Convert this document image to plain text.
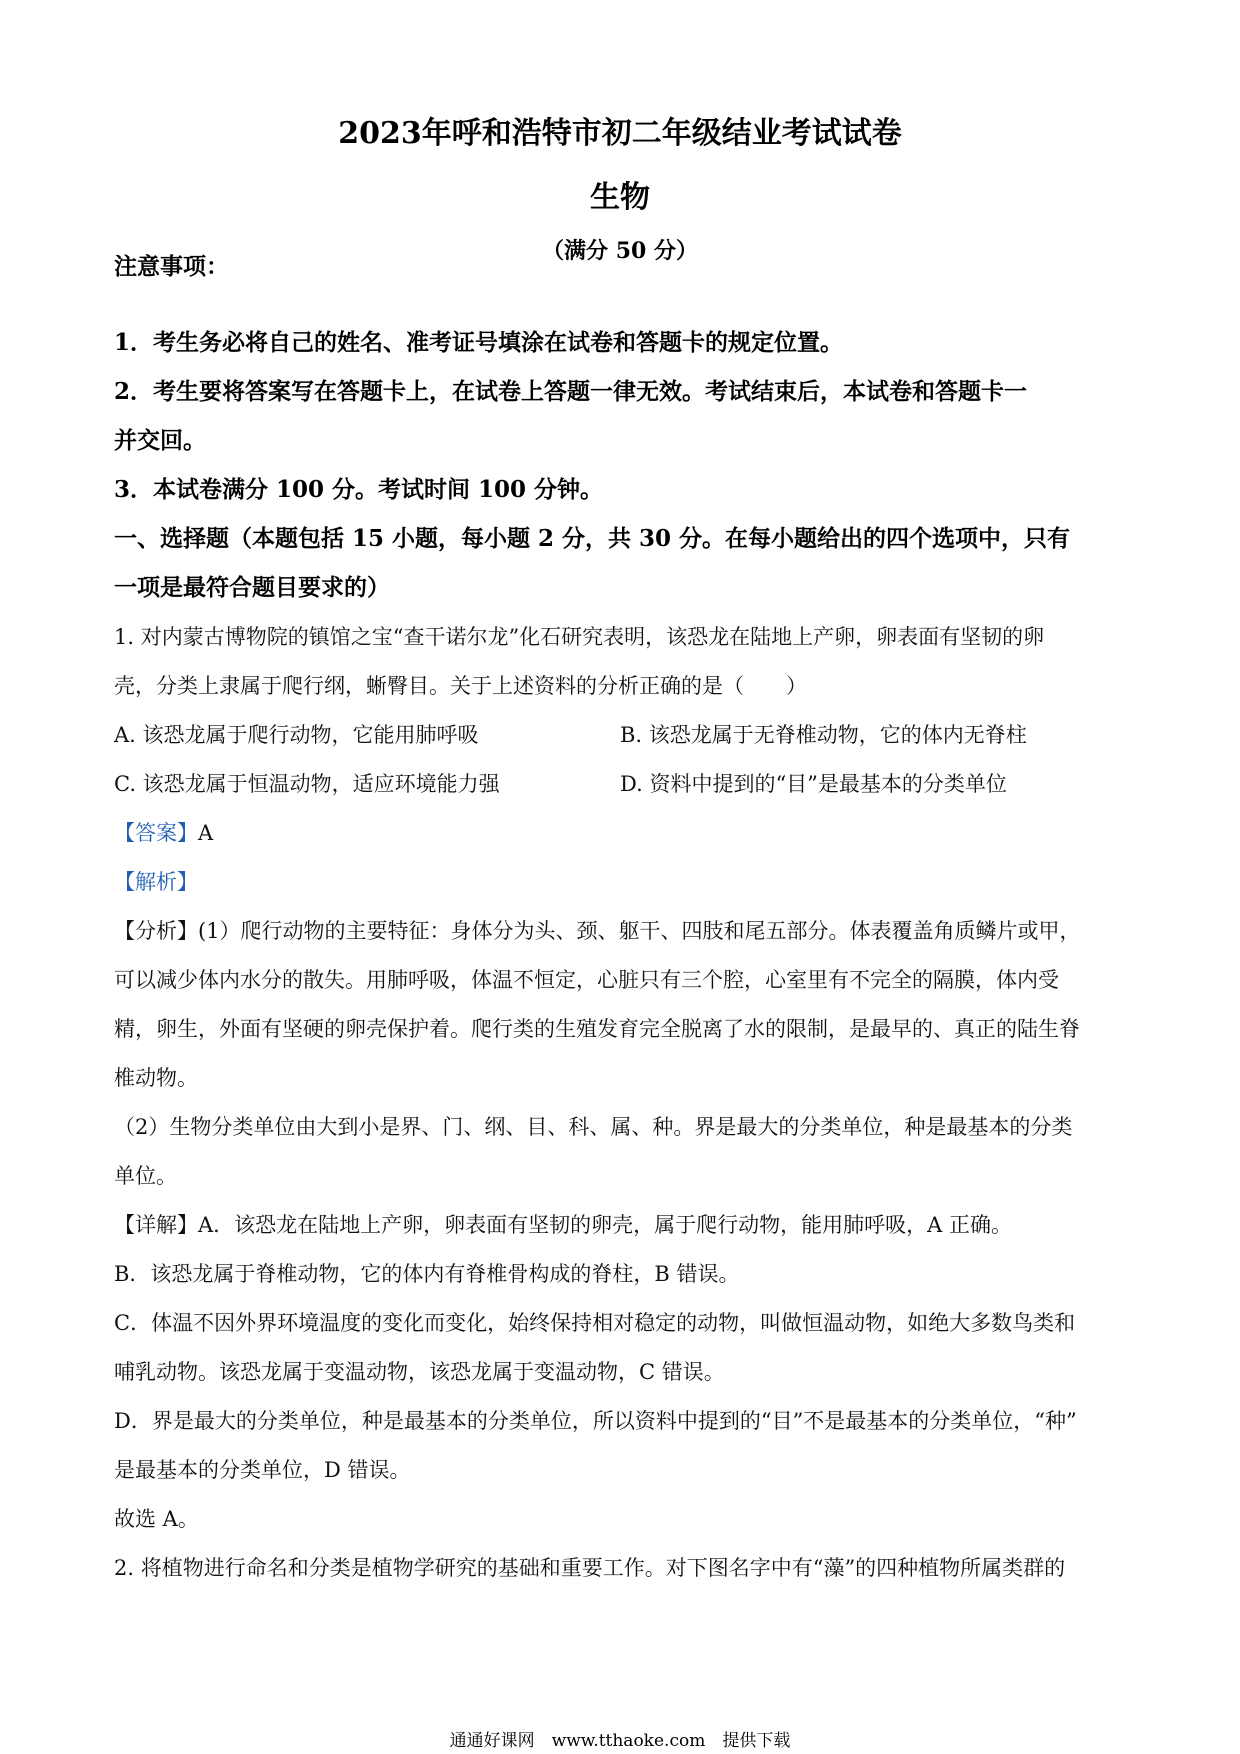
2023年呼和浩特市初二年级结业考试试卷
生物
（满分 50 分）
注意事项：
1．考生务必将自己的姓名、准考证号填涂在试卷和答题卡的规定位置。
2．考生要将答案写在答题卡上，在试卷上答题一律无效。考试结束后，本试卷和答题卡一
并交回。
3．本试卷满分 100 分。考试时间 100 分钟。
一、选择题（本题包括 15 小题，每小题 2 分，共 30 分。在每小题给出的四个选项中，只有
一项是最符合题目要求的）
1. 对内蒙古博物院的镇馆之宝“查干诺尔龙”化石研究表明，该恐龙在陆地上产卵，卵表面有坚韧的卵
壳，分类上隶属于爬行纲，蜥臀目。关于上述资料的分析正确的是（　　）
A. 该恐龙属于爬行动物，它能用肺呼吸	B. 该恐龙属于无脊椎动物，它的体内无脊柱
C. 该恐龙属于恒温动物，适应环境能力强	D. 资料中提到的“目”是最基本的分类单位
【答案】A
【解析】
【分析】(1）爬行动物的主要特征：身体分为头、颈、躯干、四肢和尾五部分。体表覆盖角质鳞片或甲，
可以减少体内水分的散失。用肺呼吸，体温不恒定，心脏只有三个腔，心室里有不完全的隔膜，体内受
精，卵生，外面有坚硬的卵壳保护着。爬行类的生殖发育完全脱离了水的限制，是最早的、真正的陆生脊
椎动物。
（2）生物分类单位由大到小是界、门、纲、目、科、属、种。界是最大的分类单位，种是最基本的分类
单位。
【详解】A．该恐龙在陆地上产卵，卵表面有坚韧的卵壳，属于爬行动物，能用肺呼吸，A 正确。
B．该恐龙属于脊椎动物，它的体内有脊椎骨构成的脊柱，B 错误。
C．体温不因外界环境温度的变化而变化，始终保持相对稳定的动物，叫做恒温动物，如绝大多数鸟类和
哺乳动物。该恐龙属于变温动物，该恐龙属于变温动物，C 错误。
D．界是最大的分类单位，种是最基本的分类单位，所以资料中提到的“目”不是最基本的分类单位，“种”
是最基本的分类单位，D 错误。
故选 A。
2. 将植物进行命名和分类是植物学研究的基础和重要工作。对下图名字中有“藻”的四种植物所属类群的
通通好课网　www.tthaoke.com　提供下载
